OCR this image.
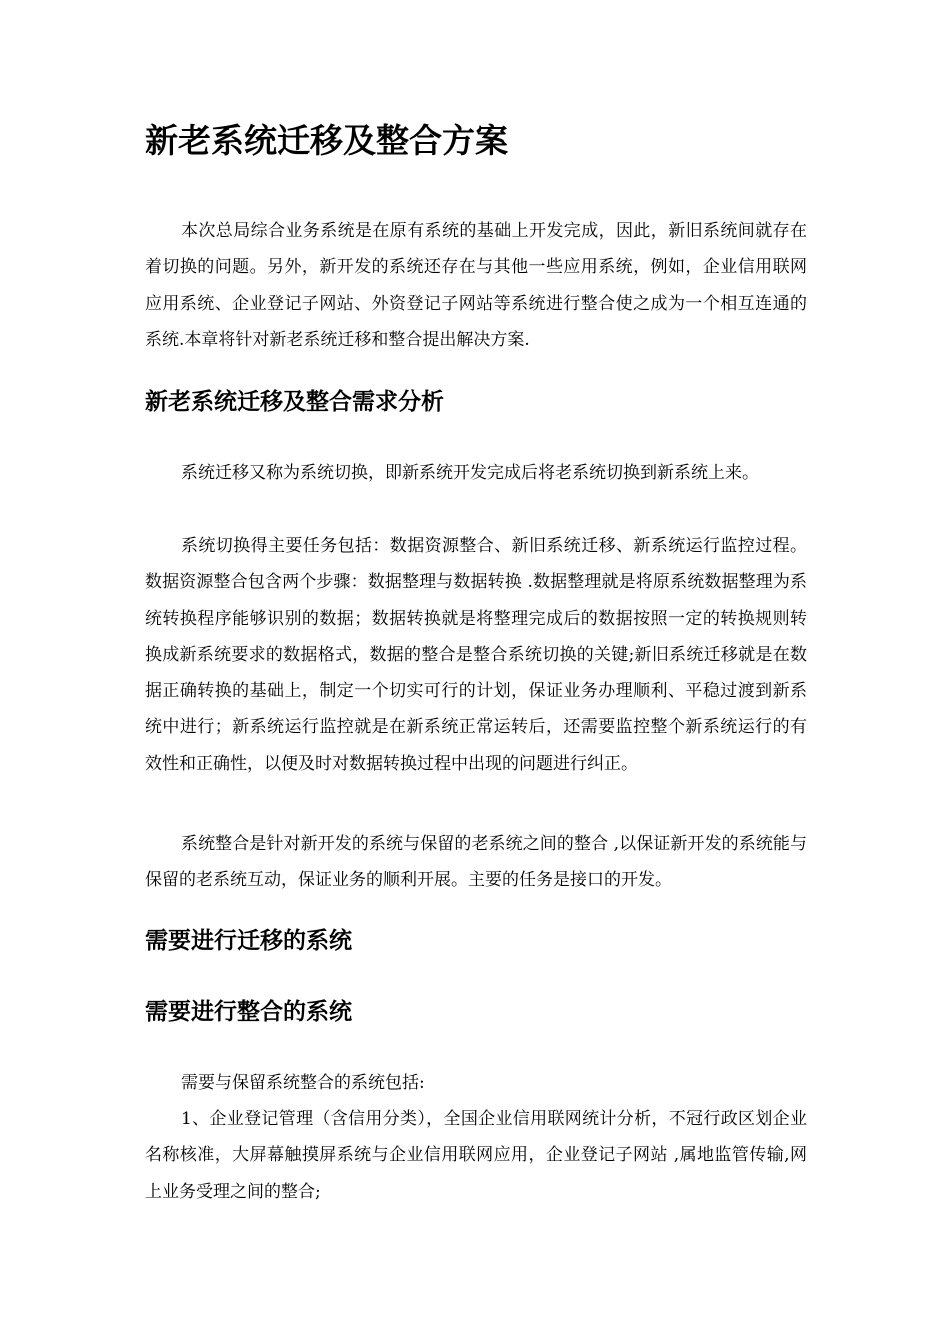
新老系统迁移及整合方案

本次总局综合业务系统是在原有系统的基础上开发完成，因此，新旧系统间就存在着切换的问题。另外，新开发的系统还存在与其他一些应用系统，例如，企业信用联网应用系统、企业登记子网站、外资登记子网站等系统进行整合使之成为一个相互连通的系统.本章将针对新老系统迁移和整合提出解决方案.

新老系统迁移及整合需求分析

系统迁移又称为系统切换，即新系统开发完成后将老系统切换到新系统上来。

系统切换得主要任务包括：数据资源整合、新旧系统迁移、新系统运行监控过程。数据资源整合包含两个步骤：数据整理与数据转换 .数据整理就是将原系统数据整理为系统转换程序能够识别的数据；数据转换就是将整理完成后的数据按照一定的转换规则转换成新系统要求的数据格式，数据的整合是整合系统切换的关键;新旧系统迁移就是在数据正确转换的基础上，制定一个切实可行的计划，保证业务办理顺利、平稳过渡到新系统中进行；新系统运行监控就是在新系统正常运转后，还需要监控整个新系统运行的有效性和正确性，以便及时对数据转换过程中出现的问题进行纠正。

系统整合是针对新开发的系统与保留的老系统之间的整合 ,以保证新开发的系统能与保留的老系统互动，保证业务的顺利开展。主要的任务是接口的开发。

需要进行迁移的系统
需要进行整合的系统

需要与保留系统整合的系统包括:

1、企业登记管理（含信用分类），全国企业信用联网统计分析，不冠行政区划企业名称核准，大屏幕触摸屏系统与企业信用联网应用，企业登记子网站 ,属地监管传输,网上业务受理之间的整合;
